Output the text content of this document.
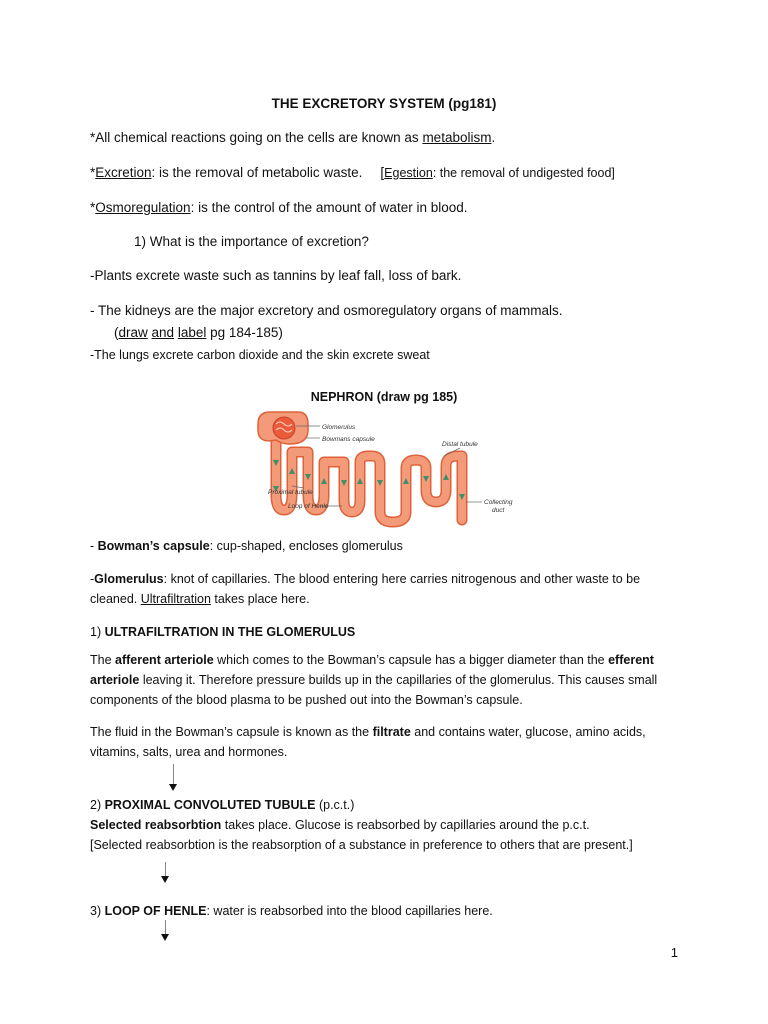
THE EXCRETORY SYSTEM (pg181)
*All chemical reactions going on the cells are known as metabolism.
*Excretion: is the removal of metabolic waste. [Egestion: the removal of undigested food]
*Osmoregulation: is the control of the amount of water in blood.
1) What is the importance of excretion?
-Plants excrete waste such as tannins by leaf fall, loss of bark.
- The kidneys are the major excretory and osmoregulatory organs of mammals.
(draw and label pg 184-185)
-The lungs excrete carbon dioxide and the skin excrete sweat
NEPHRON (draw pg 185)
Glomerulus
Bowmans capsule
Distal tubule
Proximal tubule
Loop of Henle
Collecting
duct
- Bowman’s capsule: cup-shaped, encloses glomerulus
-Glomerulus: knot of capillaries. The blood entering here carries nitrogenous and other waste to be cleaned. Ultrafiltration takes place here.
1) ULTRAFILTRATION IN THE GLOMERULUS
The afferent arteriole which comes to the Bowman’s capsule has a bigger diameter than the efferent arteriole leaving it. Therefore pressure builds up in the capillaries of the glomerulus. This causes small components of the blood plasma to be pushed out into the Bowman’s capsule.
The fluid in the Bowman’s capsule is known as the filtrate and contains water, glucose, amino acids, vitamins, salts, urea and hormones.
2) PROXIMAL CONVOLUTED TUBULE (p.c.t.)
Selected reabsorbtion takes place. Glucose is reabsorbed by capillaries around the p.c.t.
[Selected reabsorbtion is the reabsorption of a substance in preference to others that are present.]
3) LOOP OF HENLE: water is reabsorbed into the blood capillaries here.
1
